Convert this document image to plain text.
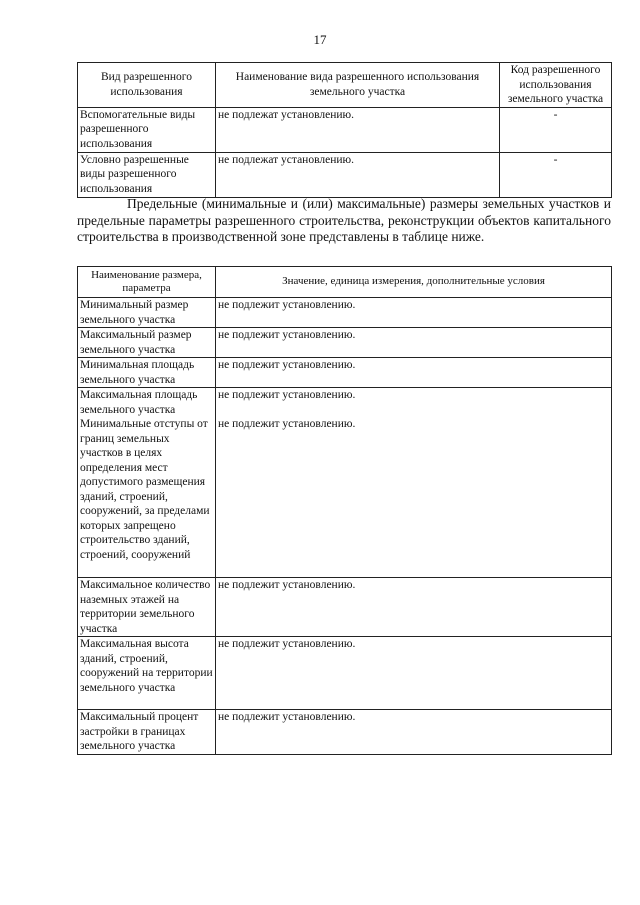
17
Вид разрешенного использования	Наименование вида разрешенного использования земельного участка	Код разрешенного использования земельного участка
Вспомогательные виды разрешенного использования	не подлежат установлению.	-
Условно разрешенные виды разрешенного использования	не подлежат установлению.	-
Предельные (минимальные и (или) максимальные) размеры земельных участков и предельные параметры разрешенного строительства, реконструкции объектов капитального строительства в производственной зоне представлены в таблице ниже.
Наименование размера, параметра	Значение, единица измерения, дополнительные условия
Минимальный размер земельного участка	не подлежит установлению.
Максимальный размер земельного участка	не подлежит установлению.
Минимальная площадь земельного участка	не подлежит установлению.
Максимальная площадь земельного участка	не подлежит установлению.
Минимальные отступы от границ земельных участков в целях определения мест допустимого размещения зданий, строений, сооружений, за пределами которых запрещено строительство зданий, строений, сооружений	не подлежит установлению.
Максимальное количество наземных этажей на территории земельного участка	не подлежит установлению.
Максимальная высота зданий, строений, сооружений на территории земельного участка	не подлежит установлению.
Максимальный процент застройки в границах земельного участка	не подлежит установлению.
